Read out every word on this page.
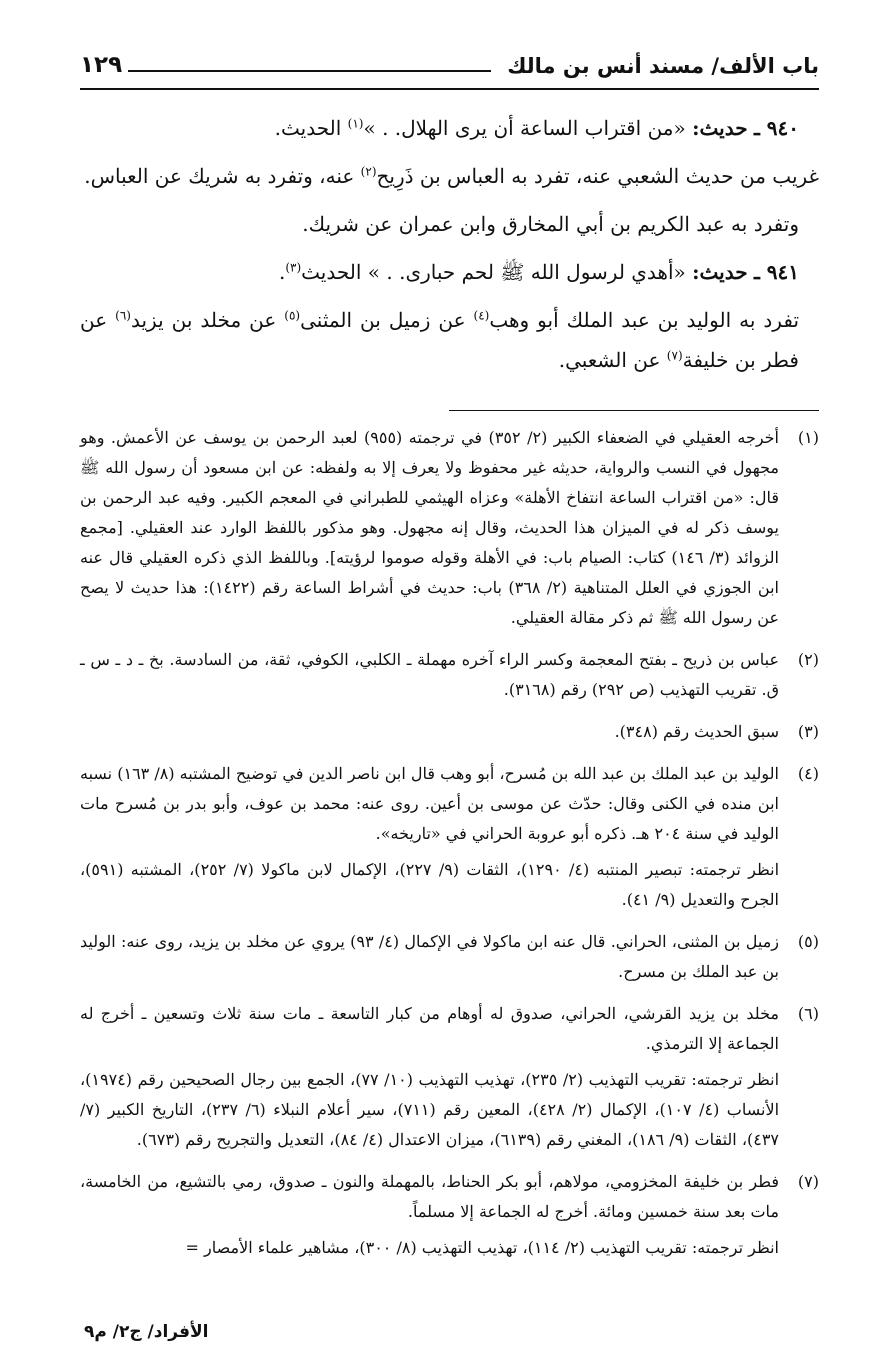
باب الألف/ مسند أنس بن مالك
١٢٩

٩٤٠ ـ حديث: «من اقتراب الساعة أن يرى الهلال. . »$^{(١)}$ الحديث.

غريب من حديث الشعبي عنه، تفرد به العباس بن ذَرِيح$^{(٢)}$ عنه، وتفرد به شريك عن العباس.

وتفرد به عبد الكريم بن أبي المخارق وابن عمران عن شريك.

٩٤١ ـ حديث: «أهدي لرسول الله ﷺ لحم حبارى. . » الحديث$^{(٣)}$.

تفرد به الوليد بن عبد الملك أبو وهب$^{(٤)}$ عن زميل بن المثنى$^{(٥)}$ عن مخلد بن يزيد$^{(٦)}$ عن فطر بن خليفة$^{(٧)}$ عن الشعبي.

(١)

أخرجه العقيلي في الضعفاء الكبير (٢/ ٣٥٢) في ترجمته (٩٥٥) لعبد الرحمن بن يوسف عن الأعمش. وهو مجهول في النسب والرواية، حديثه غير محفوظ ولا يعرف إلا به ولفظه: عن ابن مسعود أن رسول الله ﷺ قال: «من اقتراب الساعة انتفاخ الأهلة» وعزاه الهيثمي للطبراني في المعجم الكبير. وفيه عبد الرحمن بن يوسف ذكر له في الميزان هذا الحديث، وقال إنه مجهول. وهو مذكور باللفظ الوارد عند العقيلي. [مجمع الزوائد (٣/ ١٤٦) كتاب: الصيام باب: في الأهلة وقوله صوموا لرؤيته]. وباللفظ الذي ذكره العقيلي قال عنه ابن الجوزي في العلل المتناهية (٢/ ٣٦٨) باب: حديث في أشراط الساعة رقم (١٤٢٢): هذا حديث لا يصح عن رسول الله ﷺ ثم ذكر مقالة العقيلي.

(٢)

عباس بن ذريح ـ بفتح المعجمة وكسر الراء آخره مهملة ـ الكلبي، الكوفي، ثقة، من السادسة. بخ ـ د ـ س ـ ق. تقريب التهذيب (ص ٢٩٢) رقم (٣١٦٨).

(٣)

سبق الحديث رقم (٣٤٨).

(٤)

الوليد بن عبد الملك بن عبد الله بن مُسرح، أبو وهب قال ابن ناصر الدين في توضيح المشتبه (٨/ ١٦٣) نسبه ابن منده في الكنى وقال: حدّث عن موسى بن أعين. روى عنه: محمد بن عوف، وأبو بدر بن مُسرح مات الوليد في سنة ٢٠٤ هـ. ذكره أبو عروبة الحراني في «تاريخه».

انظر ترجمته: تبصير المنتبه (٤/ ١٢٩٠)، الثقات (٩/ ٢٢٧)، الإكمال لابن ماكولا (٧/ ٢٥٢)، المشتبه (٥٩١)، الجرح والتعديل (٩/ ٤١).

(٥)

زميل بن المثنى، الحراني. قال عنه ابن ماكولا في الإكمال (٤/ ٩٣) يروي عن مخلد بن يزيد، روى عنه: الوليد بن عبد الملك بن مسرح.

(٦)

مخلد بن يزيد القرشي، الحراني، صدوق له أوهام من كبار التاسعة ـ مات سنة ثلاث وتسعين ـ أخرج له الجماعة إلا الترمذي.

انظر ترجمته: تقريب التهذيب (٢/ ٢٣٥)، تهذيب التهذيب (١٠/ ٧٧)، الجمع بين رجال الصحيحين رقم (١٩٧٤)، الأنساب (٤/ ١٠٧)، الإكمال (٢/ ٤٢٨)، المعين رقم (٧١١)، سير أعلام النبلاء (٦/ ٢٣٧)، التاريخ الكبير (٧/ ٤٣٧)، الثقات (٩/ ١٨٦)، المغني رقم (٦١٣٩)، ميزان الاعتدال (٤/ ٨٤)، التعديل والتجريح رقم (٦٧٣).

(٧)

فطر بن خليفة المخزومي، مولاهم، أبو بكر الحناط، بالمهملة والنون ـ صدوق، رمي بالتشيع، من الخامسة، مات بعد سنة خمسين ومائة. أخرج له الجماعة إلا مسلماً.

انظر ترجمته: تقريب التهذيب (٢/ ١١٤)، تهذيب التهذيب (٨/ ٣٠٠)، مشاهير علماء الأمصار =

الأفراد/ ج٢/ م٩
